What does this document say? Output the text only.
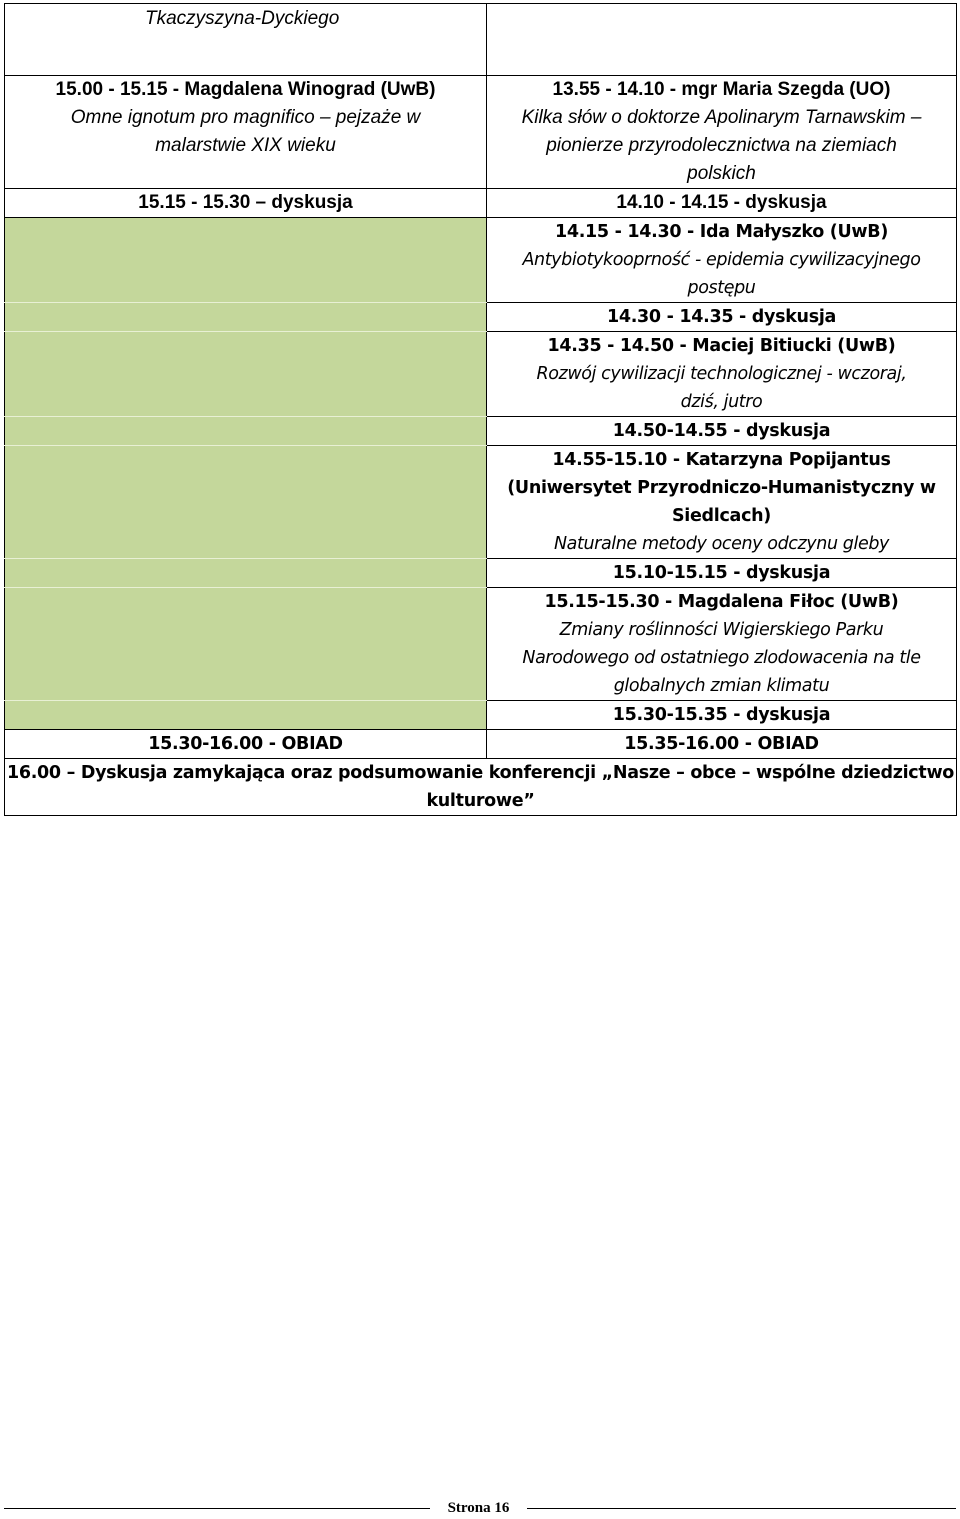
Tkaczyszyna-Dyckiego	

15.00 - 15.15 - Magdalena Winograd (UwB)
Omne ignotum pro magnifico – pejzaże w
malarstwie XIX wieku	13.55 - 14.10 - mgr Maria Szegda (UO)
Kilka słów o doktorze Apolinarym Tarnawskim –
pionierze przyrodolecznictwa na ziemiach
polskich

15.15 - 15.30 – dyskusja	14.10 - 14.15 - dyskusja

	14.15 - 14.30 - Ida Małyszko (UwB)
Antybiotykooprność - epidemia cywilizacyjnego
postępu

	14.30 - 14.35 - dyskusja

	14.35 - 14.50 - Maciej Bitiucki (UwB)
Rozwój cywilizacji technologicznej - wczoraj,
dziś, jutro

	14.50-14.55 - dyskusja

	14.55-15.10 - Katarzyna Popijantus
(Uniwersytet Przyrodniczo-Humanistyczny w
Siedlcach)
Naturalne metody oceny odczynu gleby

	15.10-15.15 - dyskusja

	15.15-15.30 - Magdalena Fiłoc (UwB)
Zmiany roślinności Wigierskiego Parku
Narodowego od ostatniego zlodowacenia na tle
globalnych zmian klimatu

	15.30-15.35 - dyskusja

15.30-16.00 - OBIAD	15.35-16.00 - OBIAD

16.00 – Dyskusja zamykająca oraz podsumowanie konferencji „Nasze – obce – wspólne dziedzictwo
kulturowe”	
Strona 16
